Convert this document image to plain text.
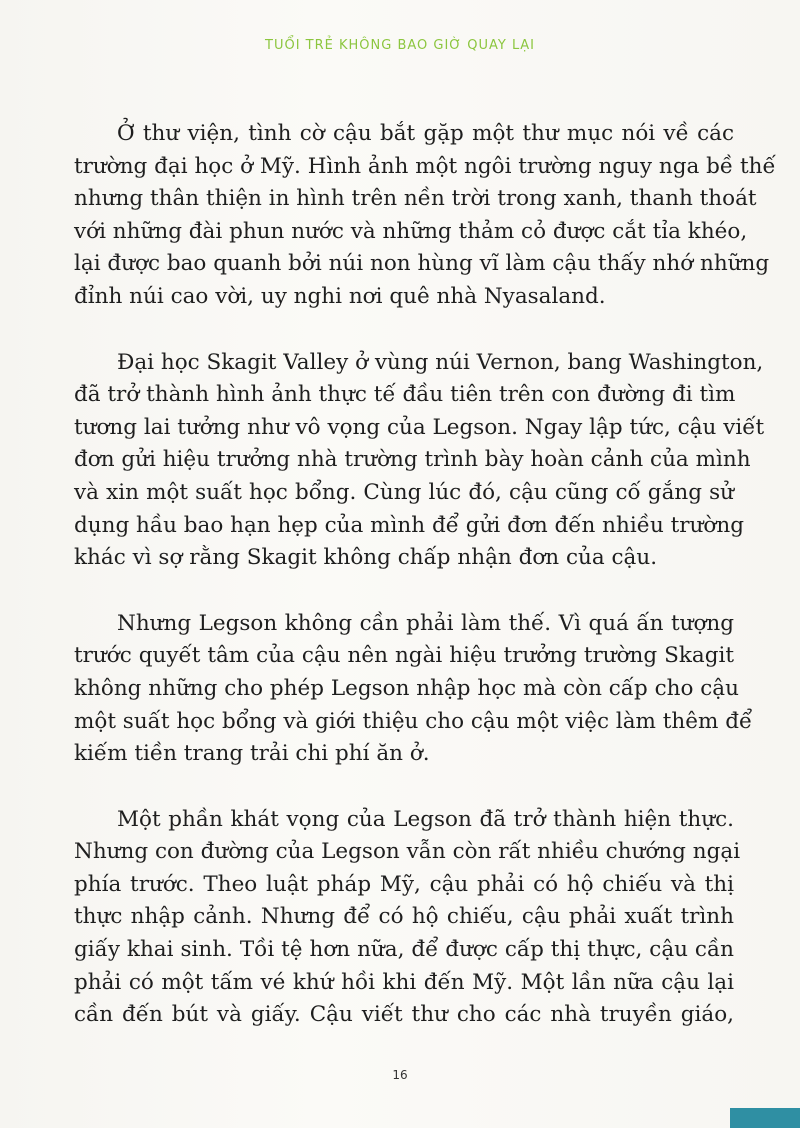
TUỔI TRẺ KHÔNG BAO GIỜ QUAY LẠI

Ở thư viện, tình cờ cậu bắt gặp một thư mục nói về các
trường đại học ở Mỹ. Hình ảnh một ngôi trường nguy nga bề thế
nhưng thân thiện in hình trên nền trời trong xanh, thanh thoát
với những đài phun nước và những thảm cỏ được cắt tỉa khéo,
lại được bao quanh bởi núi non hùng vĩ làm cậu thấy nhớ những
đỉnh núi cao vời, uy nghi nơi quê nhà Nyasaland.

Đại học Skagit Valley ở vùng núi Vernon, bang Washington,
đã trở thành hình ảnh thực tế đầu tiên trên con đường đi tìm
tương lai tưởng như vô vọng của Legson. Ngay lập tức, cậu viết
đơn gửi hiệu trưởng nhà trường trình bày hoàn cảnh của mình
và xin một suất học bổng. Cùng lúc đó, cậu cũng cố gắng sử
dụng hầu bao hạn hẹp của mình để gửi đơn đến nhiều trường
khác vì sợ rằng Skagit không chấp nhận đơn của cậu.

Nhưng Legson không cần phải làm thế. Vì quá ấn tượng
trước quyết tâm của cậu nên ngài hiệu trưởng trường Skagit
không những cho phép Legson nhập học mà còn cấp cho cậu
một suất học bổng và giới thiệu cho cậu một việc làm thêm để
kiếm tiền trang trải chi phí ăn ở.

Một phần khát vọng của Legson đã trở thành hiện thực.
Nhưng con đường của Legson vẫn còn rất nhiều chướng ngại
phía trước. Theo luật pháp Mỹ, cậu phải có hộ chiếu và thị
thực nhập cảnh. Nhưng để có hộ chiếu, cậu phải xuất trình
giấy khai sinh. Tồi tệ hơn nữa, để được cấp thị thực, cậu cần
phải có một tấm vé khứ hồi khi đến Mỹ. Một lần nữa cậu lại
cần đến bút và giấy. Cậu viết thư cho các nhà truyền giáo,

16
